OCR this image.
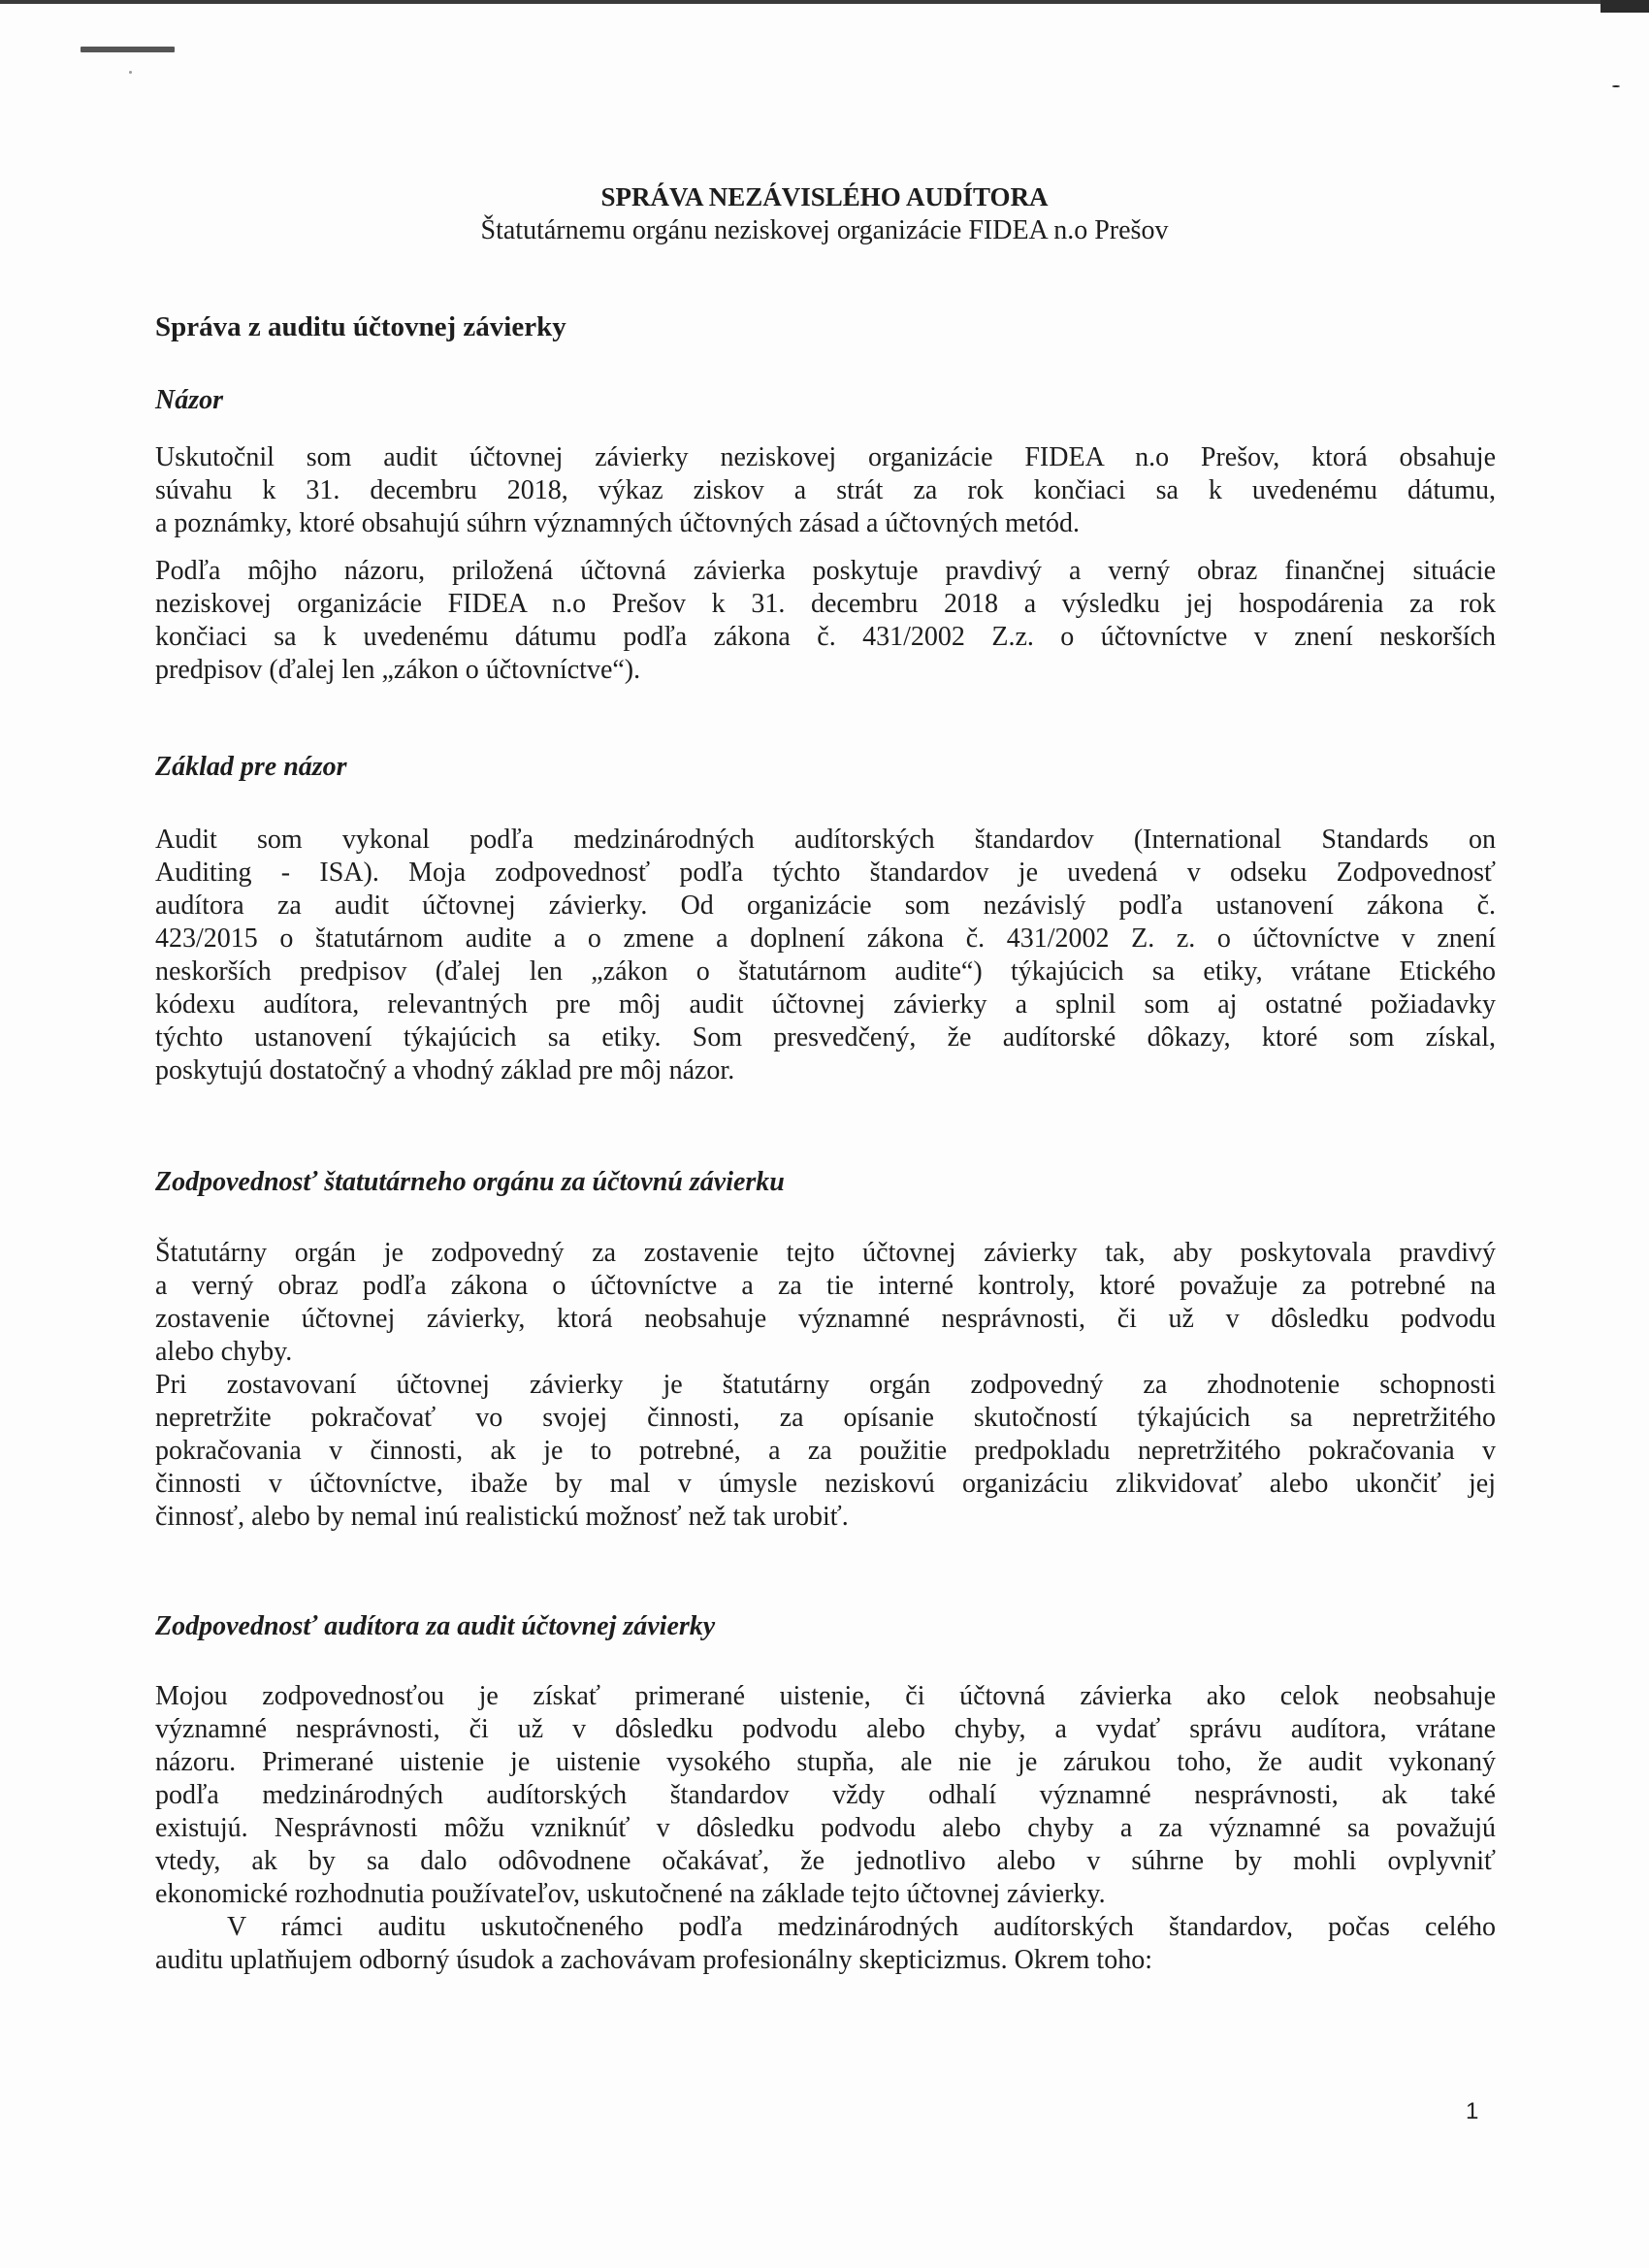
SPRÁVA NEZÁVISLÉHO AUDÍTORA
Štatutárnemu orgánu neziskovej organizácie FIDEA n.o Prešov
Správa z auditu účtovnej závierky
Názor
Uskutočnil som audit účtovnej závierky neziskovej organizácie FIDEA n.o Prešov, ktorá obsahuje
súvahu k 31. decembru 2018, výkaz ziskov a strát za rok končiaci sa k uvedenému dátumu,
a poznámky, ktoré obsahujú súhrn významných účtovných zásad a účtovných metód.
Podľa môjho názoru, priložená účtovná závierka poskytuje pravdivý a verný obraz finančnej situácie
neziskovej organizácie FIDEA n.o Prešov k 31. decembru 2018 a výsledku jej hospodárenia za rok
končiaci sa k uvedenému dátumu podľa zákona č. 431/2002 Z.z. o účtovníctve v znení neskorších
predpisov (ďalej len „zákon o účtovníctve“).
Základ pre názor
Audit som vykonal podľa medzinárodných audítorských štandardov (International Standards on
Auditing - ISA). Moja zodpovednosť podľa týchto štandardov je uvedená v odseku Zodpovednosť
audítora za audit účtovnej závierky. Od organizácie som nezávislý podľa ustanovení zákona č.
423/2015 o štatutárnom audite a o zmene a doplnení zákona č. 431/2002 Z. z. o účtovníctve v znení
neskorších predpisov (ďalej len „zákon o štatutárnom audite“) týkajúcich sa etiky, vrátane Etického
kódexu audítora, relevantných pre môj audit účtovnej závierky a splnil som aj ostatné požiadavky
týchto ustanovení týkajúcich sa etiky. Som presvedčený, že audítorské dôkazy, ktoré som získal,
poskytujú dostatočný a vhodný základ pre môj názor.
Zodpovednosť štatutárneho orgánu za účtovnú závierku
Štatutárny orgán je zodpovedný za zostavenie tejto účtovnej závierky tak, aby poskytovala pravdivý
a verný obraz podľa zákona o účtovníctve a za tie interné kontroly, ktoré považuje za potrebné na
zostavenie účtovnej závierky, ktorá neobsahuje významné nesprávnosti, či už v dôsledku podvodu
alebo chyby.
Pri zostavovaní účtovnej závierky je štatutárny orgán zodpovedný za zhodnotenie schopnosti
nepretržite pokračovať vo svojej činnosti, za opísanie skutočností týkajúcich sa nepretržitého
pokračovania v činnosti, ak je to potrebné, a za použitie predpokladu nepretržitého pokračovania v
činnosti v účtovníctve, ibaže by mal v úmysle neziskovú organizáciu zlikvidovať alebo ukončiť jej
činnosť, alebo by nemal inú realistickú možnosť než tak urobiť.
Zodpovednosť audítora za audit účtovnej závierky
Mojou zodpovednosťou je získať primerané uistenie, či účtovná závierka ako celok neobsahuje
významné nesprávnosti, či už v dôsledku podvodu alebo chyby, a vydať správu audítora, vrátane
názoru. Primerané uistenie je uistenie vysokého stupňa, ale nie je zárukou toho, že audit vykonaný
podľa medzinárodných audítorských štandardov vždy odhalí významné nesprávnosti, ak také
existujú. Nesprávnosti môžu vzniknúť v dôsledku podvodu alebo chyby a za významné sa považujú
vtedy, ak by sa dalo odôvodnene očakávať, že jednotlivo alebo v súhrne by mohli ovplyvniť
ekonomické rozhodnutia používateľov, uskutočnené na základe tejto účtovnej závierky.
V rámci auditu uskutočneného podľa medzinárodných audítorských štandardov, počas celého
auditu uplatňujem odborný úsudok a zachovávam profesionálny skepticizmus. Okrem toho:
1
